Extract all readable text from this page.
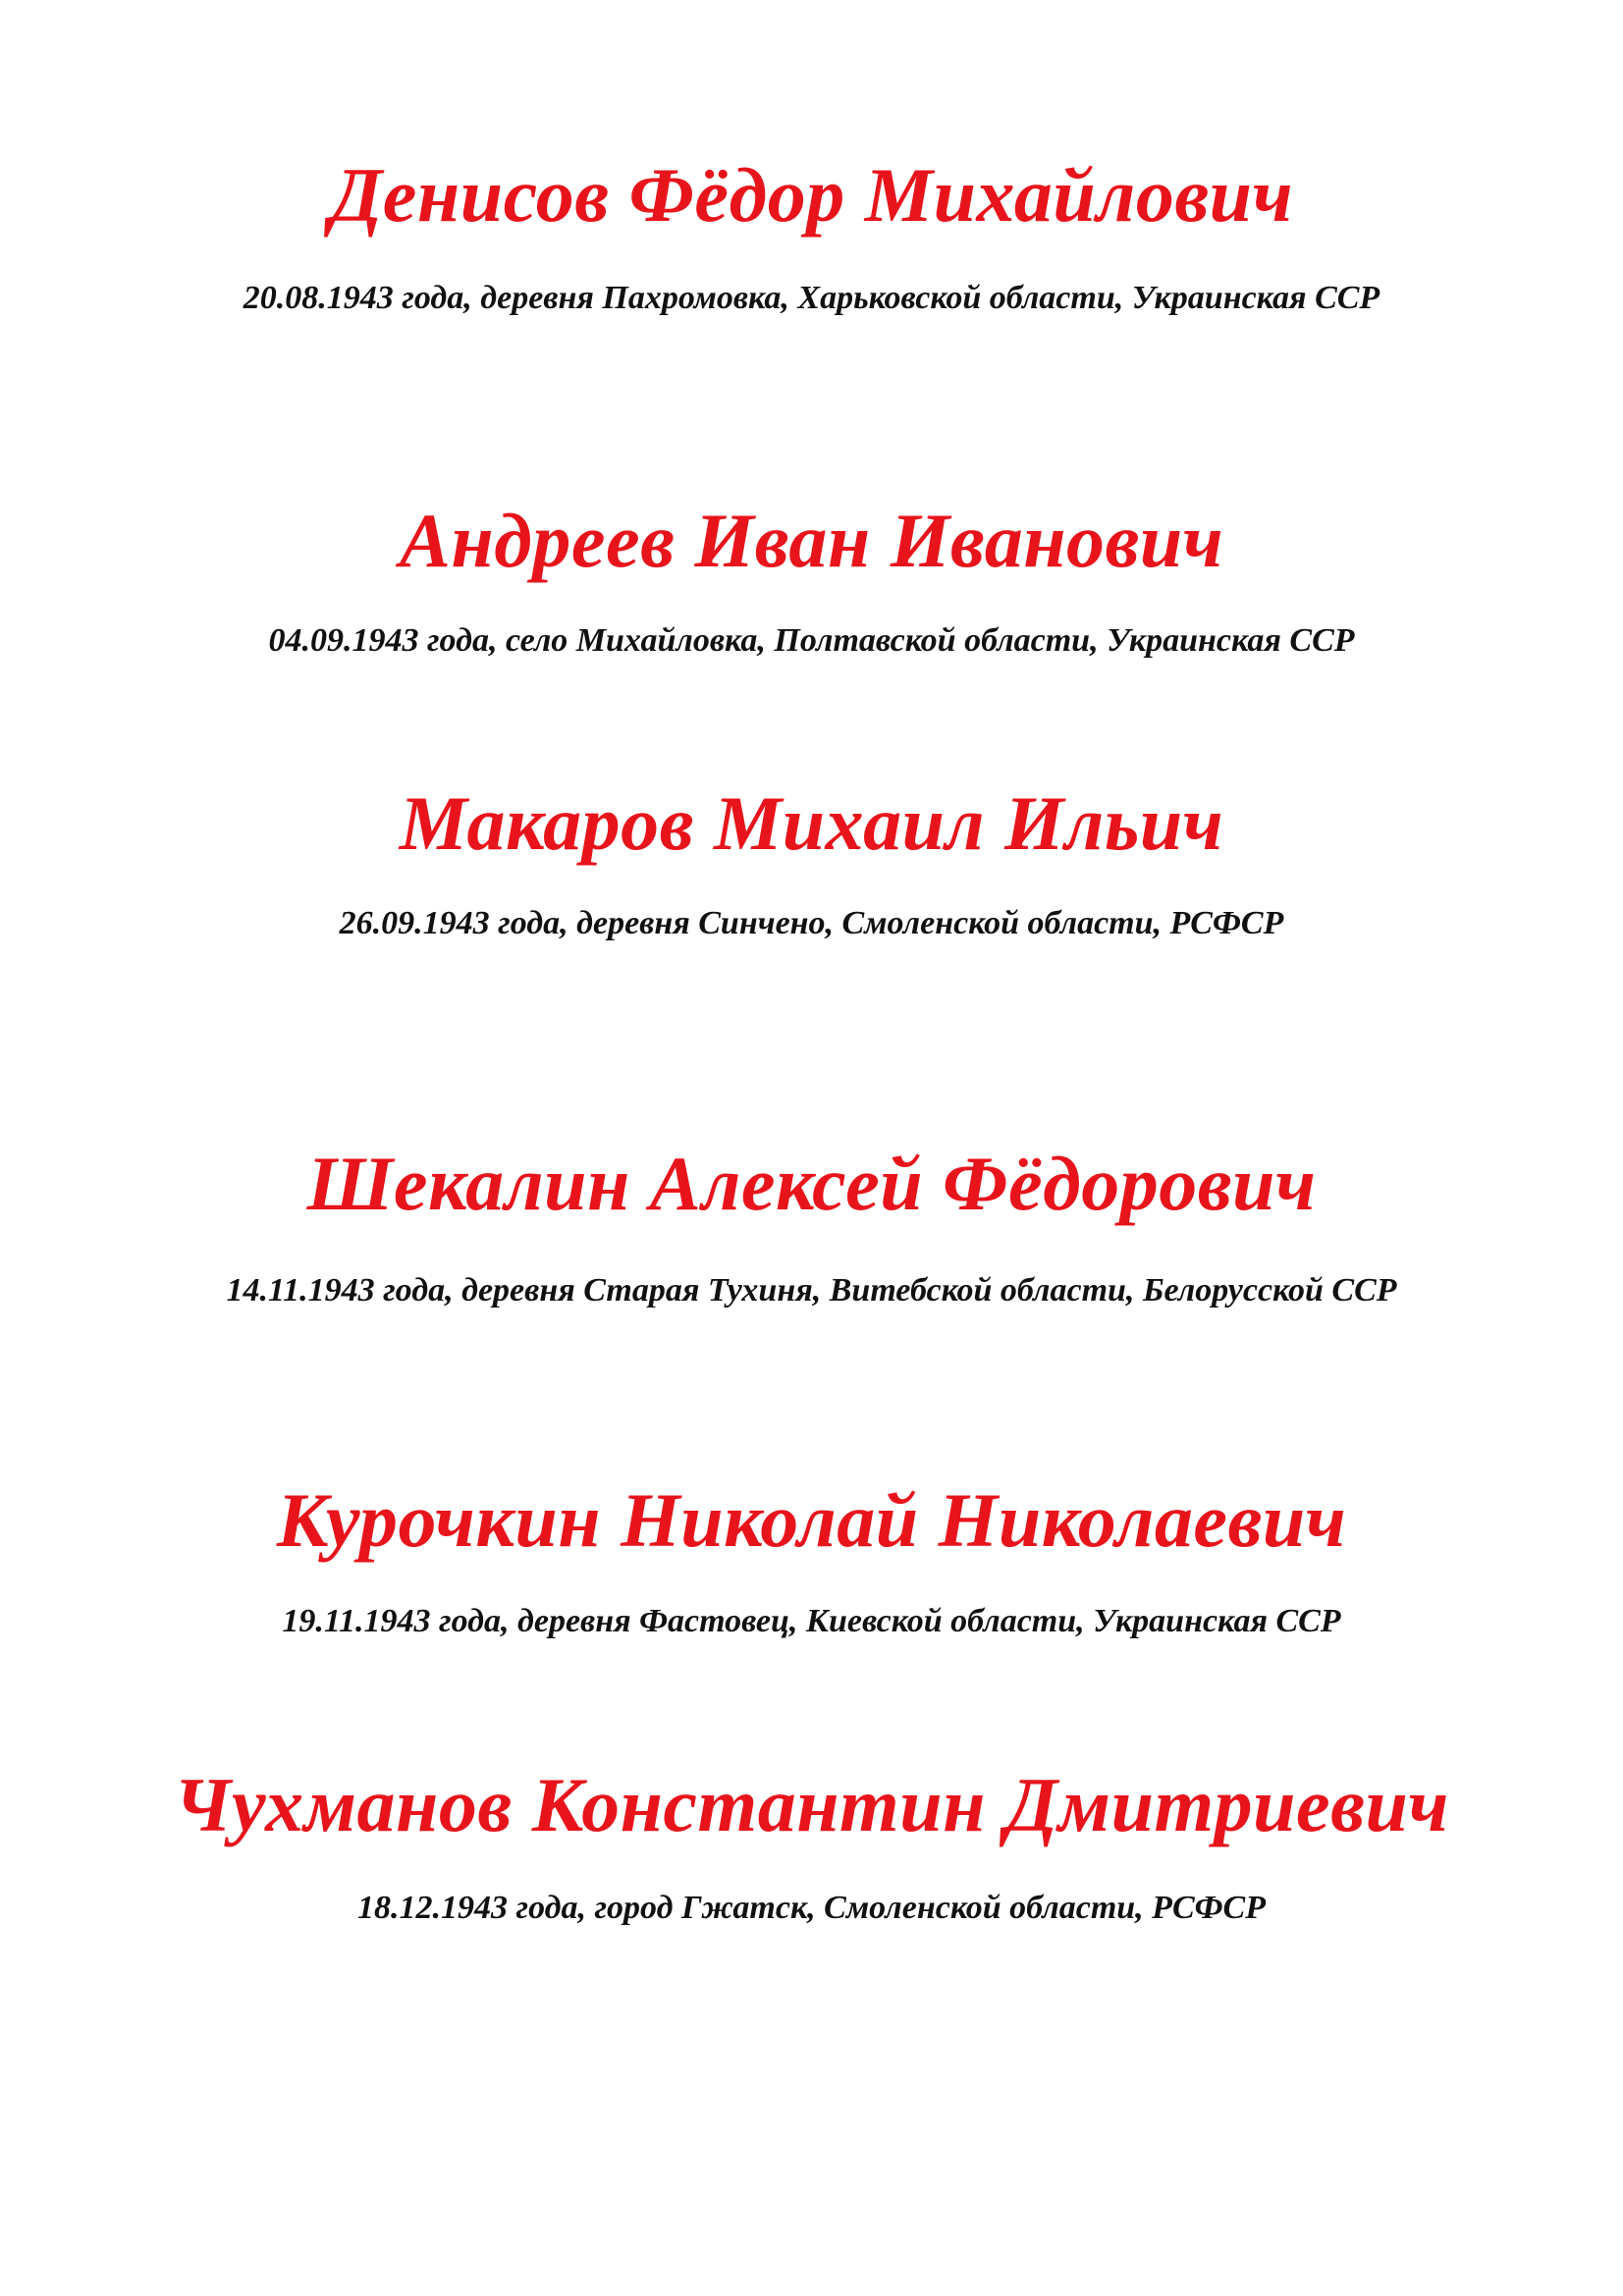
Денисов Фёдор Михайлович
20.08.1943 года, деревня Пахромовка, Харьковской области, Украинская ССР
Андреев Иван Иванович
04.09.1943 года, село Михайловка, Полтавской области, Украинская ССР
Макаров Михаил Ильич
26.09.1943 года, деревня Синчено, Смоленской области, РСФСР
Шекалин Алексей Фёдорович
14.11.1943 года, деревня Старая Тухиня, Витебской области, Белорусской ССР
Курочкин Николай Николаевич
19.11.1943 года, деревня Фастовец, Киевской области, Украинская ССР
Чухманов Константин Дмитриевич
18.12.1943 года, город Гжатск, Смоленской области, РСФСР
